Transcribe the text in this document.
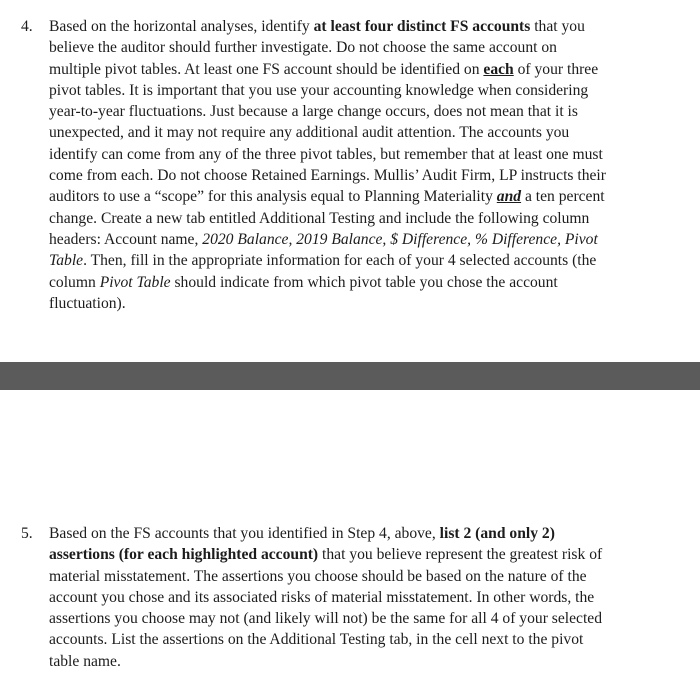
4.	Based on the horizontal analyses, identify at least four distinct FS accounts that you
believe the auditor should further investigate. Do not choose the same account on
multiple pivot tables. At least one FS account should be identified on each of your three
pivot tables. It is important that you use your accounting knowledge when considering
year-to-year fluctuations. Just because a large change occurs, does not mean that it is
unexpected, and it may not require any additional audit attention. The accounts you
identify can come from any of the three pivot tables, but remember that at least one must
come from each. Do not choose Retained Earnings. Mullis’ Audit Firm, LP instructs their
auditors to use a “scope” for this analysis equal to Planning Materiality and a ten percent
change. Create a new tab entitled Additional Testing and include the following column
headers: Account name, 2020 Balance, 2019 Balance, $ Difference, % Difference, Pivot
Table. Then, fill in the appropriate information for each of your 4 selected accounts (the
column Pivot Table should indicate from which pivot table you chose the account
fluctuation).
5.	Based on the FS accounts that you identified in Step 4, above, list 2 (and only 2)
assertions (for each highlighted account) that you believe represent the greatest risk of
material misstatement. The assertions you choose should be based on the nature of the
account you chose and its associated risks of material misstatement. In other words, the
assertions you choose may not (and likely will not) be the same for all 4 of your selected
accounts. List the assertions on the Additional Testing tab, in the cell next to the pivot
table name.
